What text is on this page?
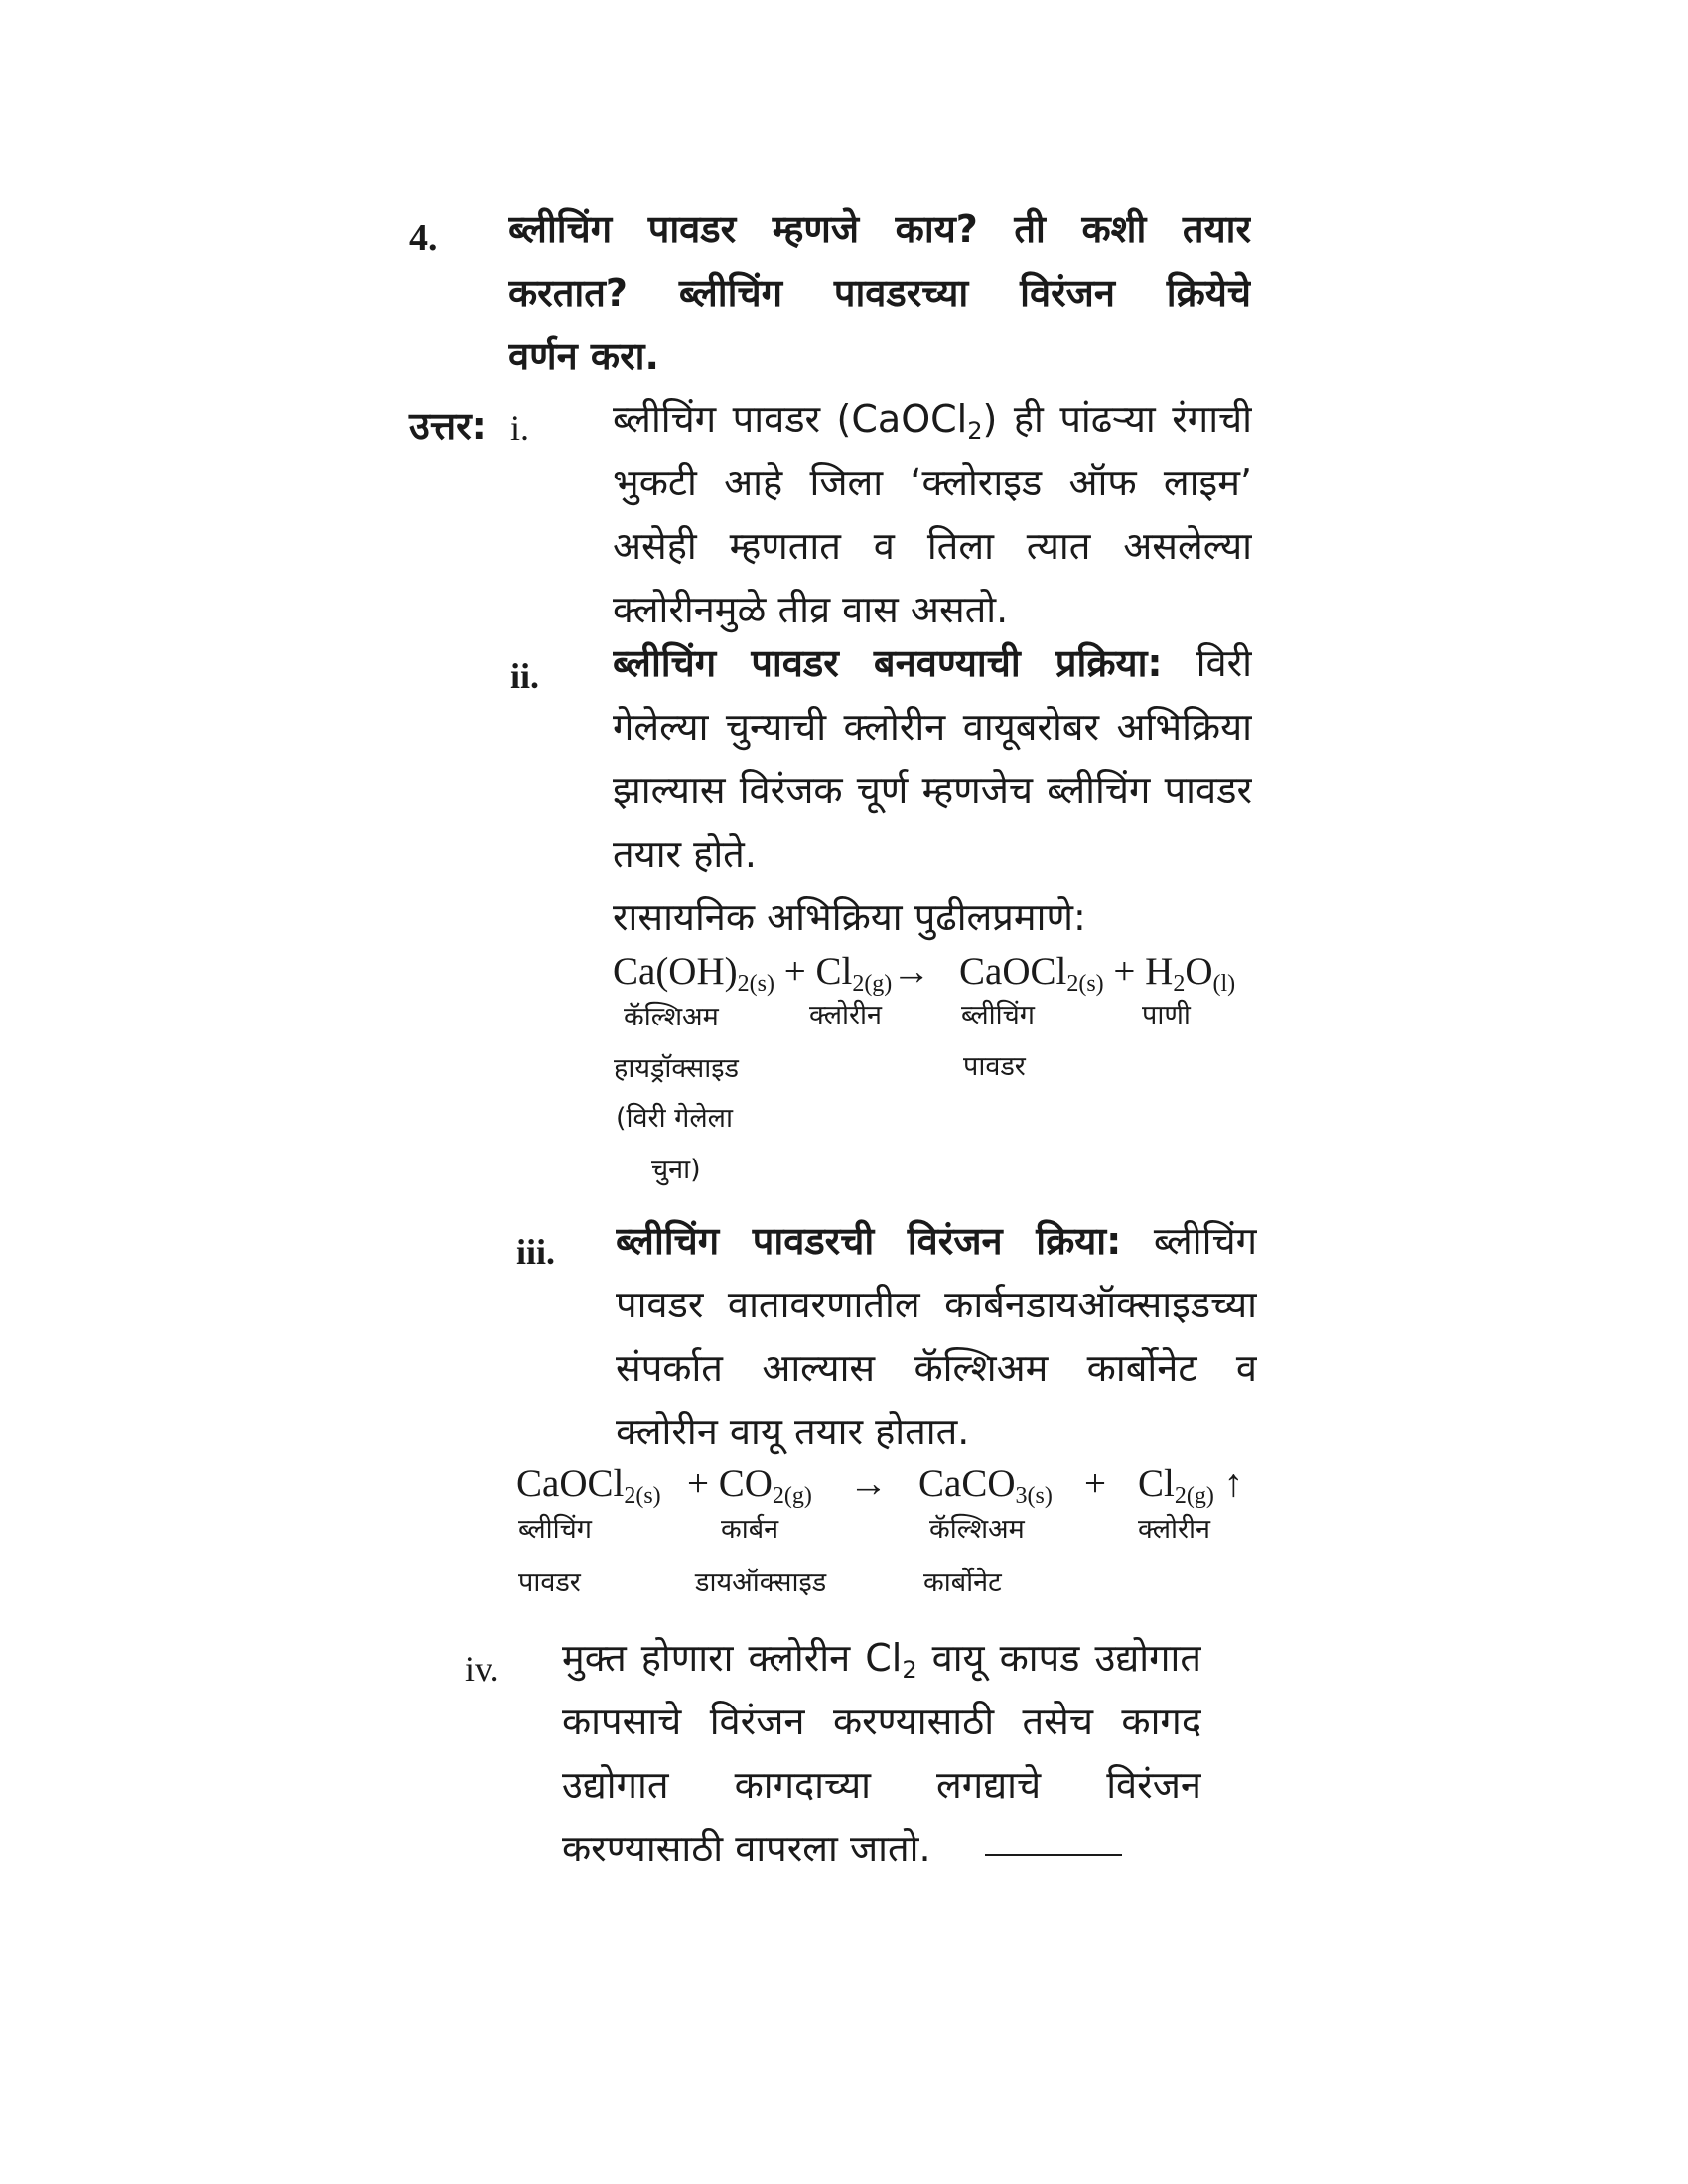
4. ब्लीचिंग पावडर म्हणजे काय? ती कशी तयार
करतात? ब्लीचिंग पावडरच्या विरंजन क्रियेचे
वर्णन करा.
उत्तर: i. ब्लीचिंग पावडर (CaOCl$_2$) ही पांढऱ्या रंगाची
भुकटी आहे जिला ‘क्लोराइड ऑफ लाइम’
असेही म्हणतात व तिला त्यात असलेल्या
क्लोरीनमुळे तीव्र वास असतो.
ii. ब्लीचिंग पावडर बनवण्याची प्रक्रिया: विरी
गेलेल्या चुन्याची क्लोरीन वायूबरोबर अभिक्रिया
झाल्यास विरंजक चूर्ण म्हणजेच ब्लीचिंग पावडर
तयार होते.
रासायनिक अभिक्रिया पुढीलप्रमाणे:
$Ca(OH)_{2(s)} + Cl_{2(g)}\to$ CaOCl$_{2(s)}$ + $H_2O_{(l)}$
कॅल्शिअम	क्लोरीन	ब्लीचिंग	पाणी
हायड्रॉक्साइड	पावडर
(विरी गेलेला
चुना)
iii. ब्लीचिंग पावडरची विरंजन क्रिया: ब्लीचिंग
पावडर वातावरणातील कार्बनडायऑक्साइडच्या
संपर्कात आल्यास कॅल्शिअम कार्बोनेट व
क्लोरीन वायू तयार होतात.
CaOCl$_{2(s)}$ + $CO_{2(g)}$ → CaCO$_{3(s)}$ + $Cl_{2(g)}$ ↑
ब्लीचिंग	कार्बन	कॅल्शिअम	क्लोरीन
पावडर	डायऑक्साइड	कार्बोनेट
iv. मुक्त होणारा क्लोरीन $Cl_2$ वायू कापड उद्योगात
कापसाचे विरंजन करण्यासाठी तसेच कागद
उद्योगात कागदाच्या लगद्याचे विरंजन
करण्यासाठी वापरला जातो.
